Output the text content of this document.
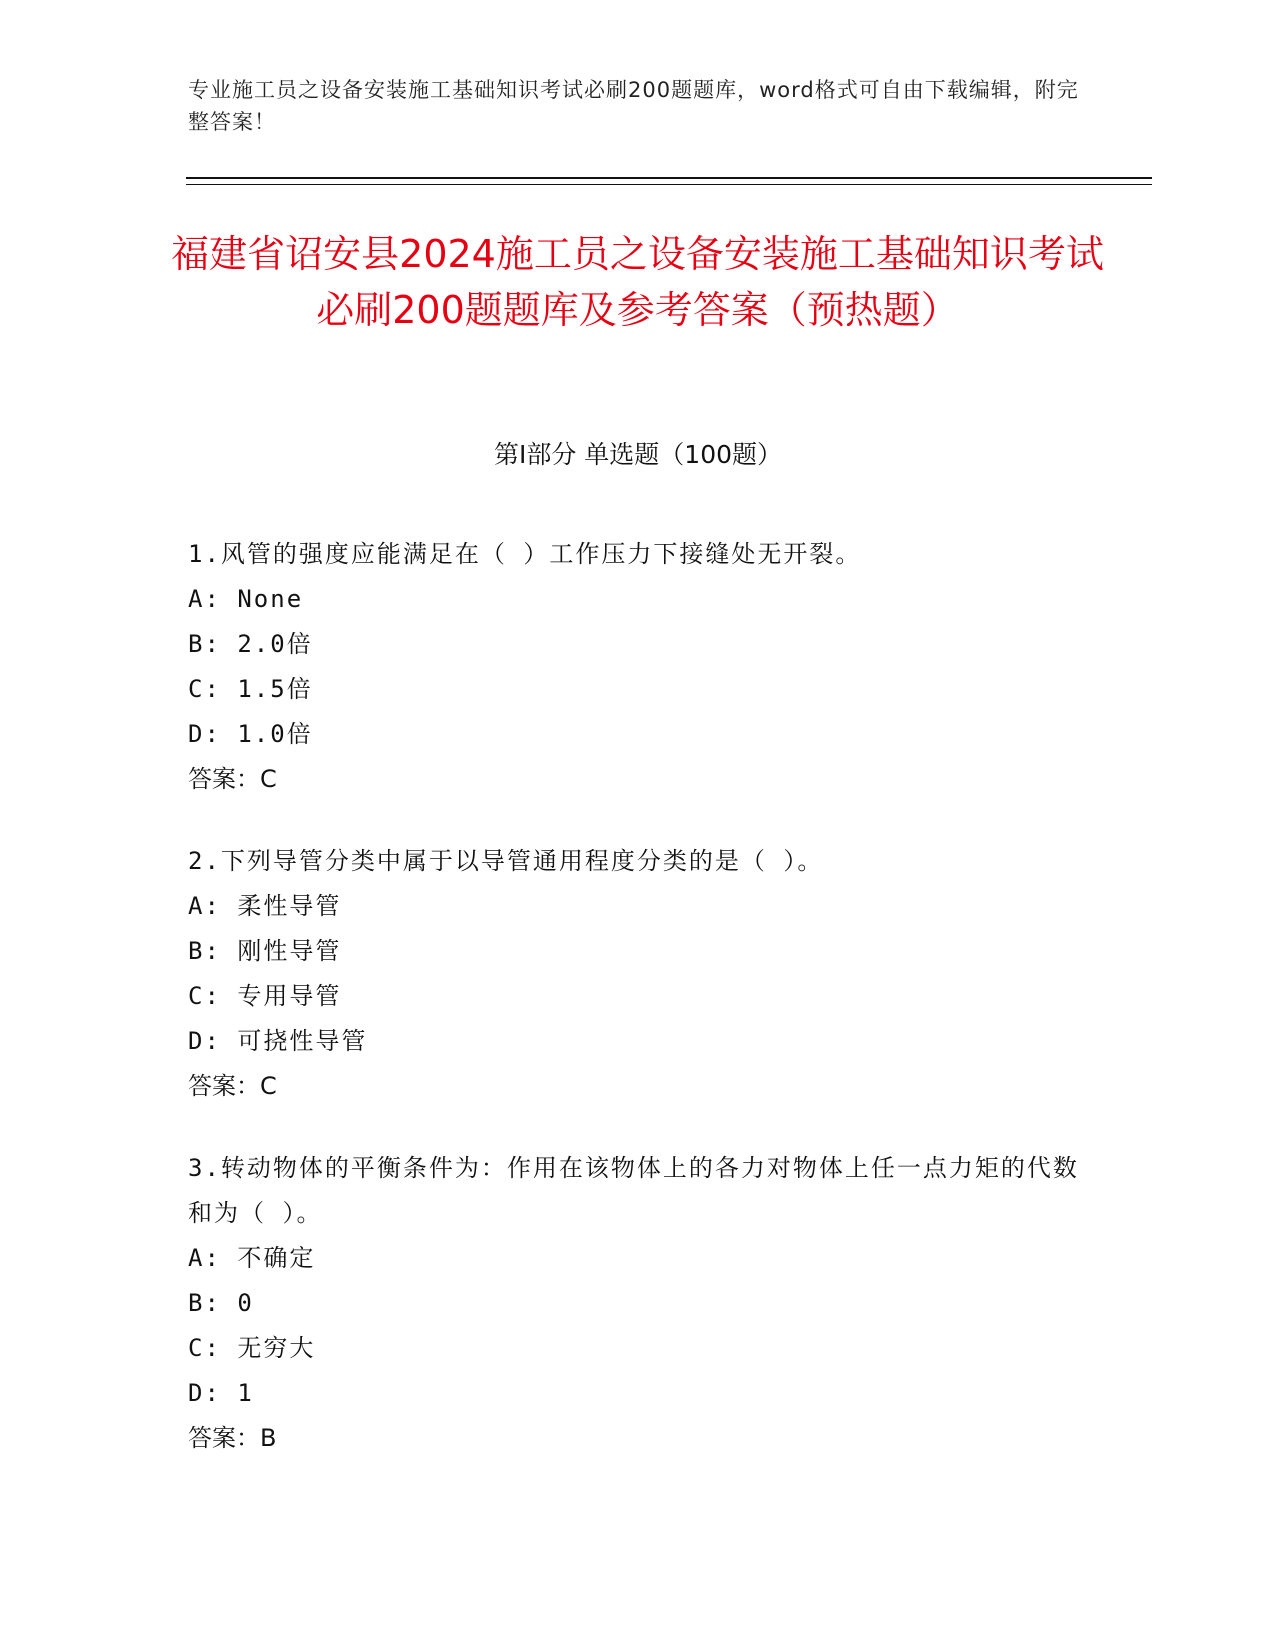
专业施工员之设备安装施工基础知识考试必刷200题题库，word格式可自由下载编辑，附完整答案！
福建省诏安县2024施工员之设备安装施工基础知识考试必刷200题题库及参考答案（预热题）
第Ⅰ部分 单选题（100题）
1.风管的强度应能满足在（ ）工作压力下接缝处无开裂。
A: None
B: 2.0倍
C: 1.5倍
D: 1.0倍
答案：C
2.下列导管分类中属于以导管通用程度分类的是（ ）。
A: 柔性导管
B: 刚性导管
C: 专用导管
D: 可挠性导管
答案：C
3.转动物体的平衡条件为：作用在该物体上的各力对物体上任一点力矩的代数和为（ ）。
A: 不确定
B: 0
C: 无穷大
D: 1
答案：B
